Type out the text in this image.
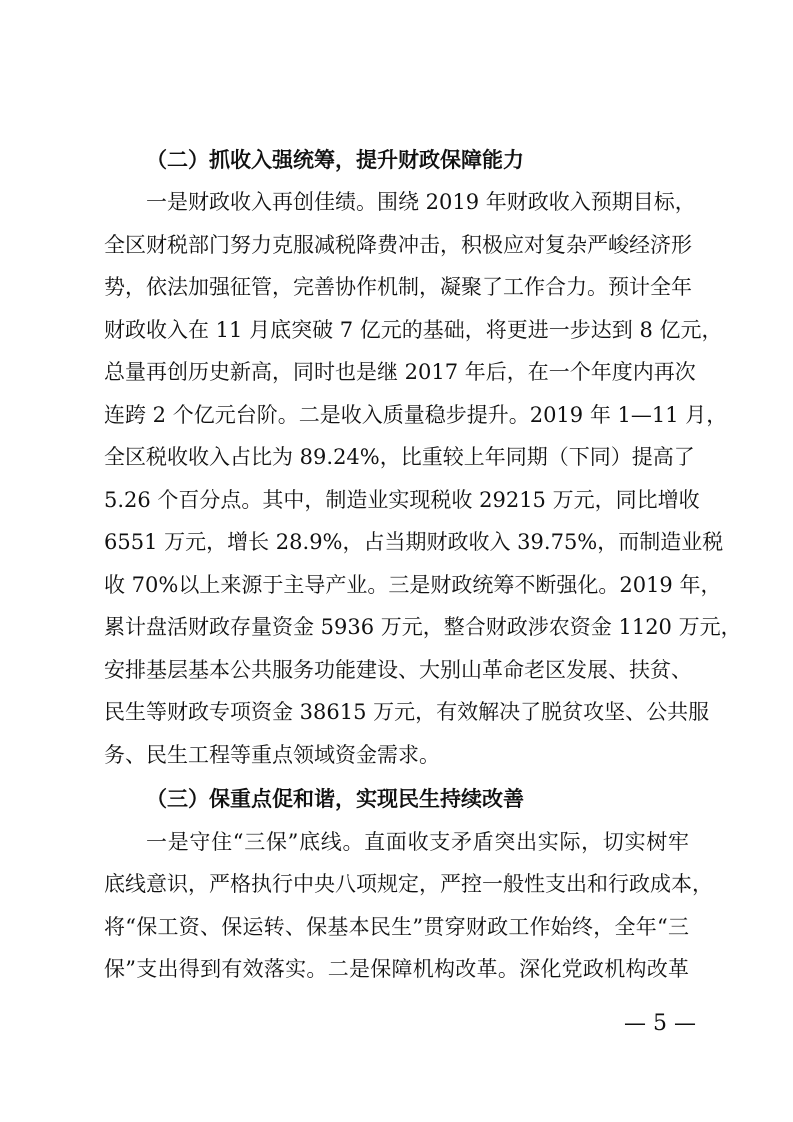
（二）抓收入强统筹，提升财政保障能力
一是财政收入再创佳绩。围绕 2019 年财政收入预期目标，
全区财税部门努力克服减税降费冲击，积极应对复杂严峻经济形
势，依法加强征管，完善协作机制，凝聚了工作合力。预计全年
财政收入在 11 月底突破 7 亿元的基础，将更进一步达到 8 亿元，
总量再创历史新高，同时也是继 2017 年后，在一个年度内再次
连跨 2 个亿元台阶。二是收入质量稳步提升。2019 年 1—11 月，
全区税收收入占比为 89.24%，比重较上年同期（下同）提高了
5.26 个百分点。其中，制造业实现税收 29215 万元，同比增收
6551 万元，增长 28.9%，占当期财政收入 39.75%，而制造业税
收 70%以上来源于主导产业。三是财政统筹不断强化。2019 年，
累计盘活财政存量资金 5936 万元，整合财政涉农资金 1120 万元，
安排基层基本公共服务功能建设、大别山革命老区发展、扶贫、
民生等财政专项资金 38615 万元，有效解决了脱贫攻坚、公共服
务、民生工程等重点领域资金需求。
（三）保重点促和谐，实现民生持续改善
一是守住“三保”底线。直面收支矛盾突出实际，切实树牢
底线意识，严格执行中央八项规定，严控一般性支出和行政成本，
将“保工资、保运转、保基本民生”贯穿财政工作始终，全年“三
保”支出得到有效落实。二是保障机构改革。深化党政机构改革
— 5 —
